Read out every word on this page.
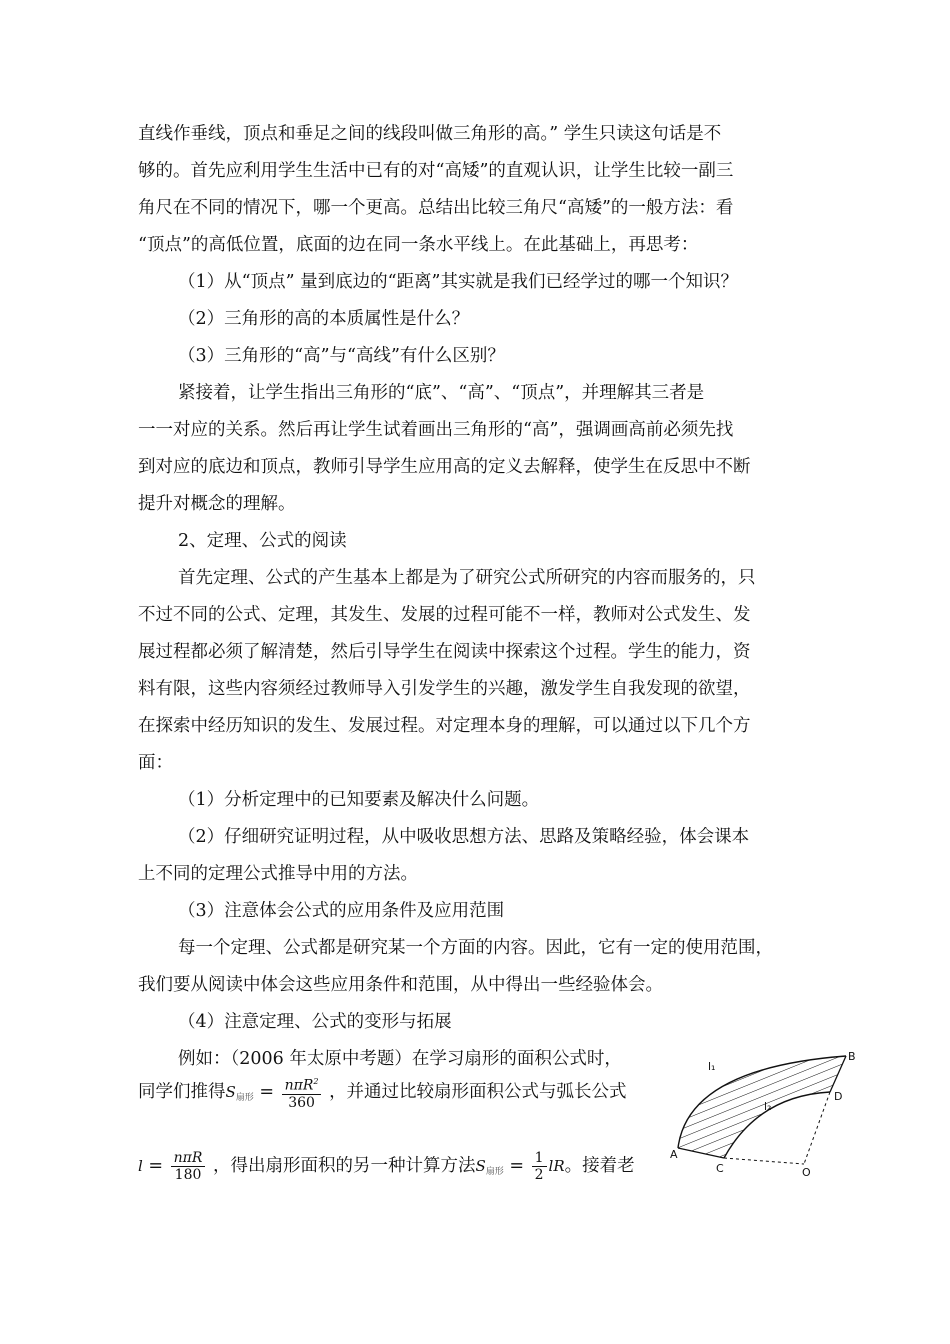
直线作垂线，顶点和垂足之间的线段叫做三角形的高。” 学生只读这句话是不
够的。首先应利用学生生活中已有的对“高矮”的直观认识，让学生比较一副三
角尺在不同的情况下，哪一个更高。总结出比较三角尺“高矮”的一般方法：看
“顶点”的高低位置，底面的边在同一条水平线上。在此基础上，再思考：
（1）从“顶点” 量到底边的“距离”其实就是我们已经学过的哪一个知识？
（2）三角形的高的本质属性是什么？
（3）三角形的“高”与“高线”有什么区别？
紧接着，让学生指出三角形的“底”、“高”、“顶点”，并理解其三者是
一一对应的关系。然后再让学生试着画出三角形的“高”，强调画高前必须先找
到对应的底边和顶点，教师引导学生应用高的定义去解释，使学生在反思中不断
提升对概念的理解。
2、定理、公式的阅读
首先定理、公式的产生基本上都是为了研究公式所研究的内容而服务的，只
不过不同的公式、定理，其发生、发展的过程可能不一样，教师对公式发生、发
展过程都必须了解清楚，然后引导学生在阅读中探索这个过程。学生的能力，资
料有限，这些内容须经过教师导入引发学生的兴趣，激发学生自我发现的欲望，
在探索中经历知识的发生、发展过程。对定理本身的理解，可以通过以下几个方
面：
（1）分析定理中的已知要素及解决什么问题。
（2）仔细研究证明过程，从中吸收思想方法、思路及策略经验，体会课本
上不同的定理公式推导中用的方法。
（3）注意体会公式的应用条件及应用范围
每一个定理、公式都是研究某一个方面的内容。因此，它有一定的使用范围，
我们要从阅读中体会这些应用条件和范围，从中得出一些经验体会。
（4）注意定理、公式的变形与拓展
例如：（2006 年太原中考题）在学习扇形的面积公式时，
同学们推得$S_{扇形} = \frac{n\pi R^2}{360}$ ，并通过比较扇形面积公式与弧长公式
$l = \frac{\text{nπR}}{180}$ ，得出扇形面积的另一种计算方法$S_{扇形} = \frac{1}{2}$ lR。接着老
l₁
l₂
A
B
C
D
O
